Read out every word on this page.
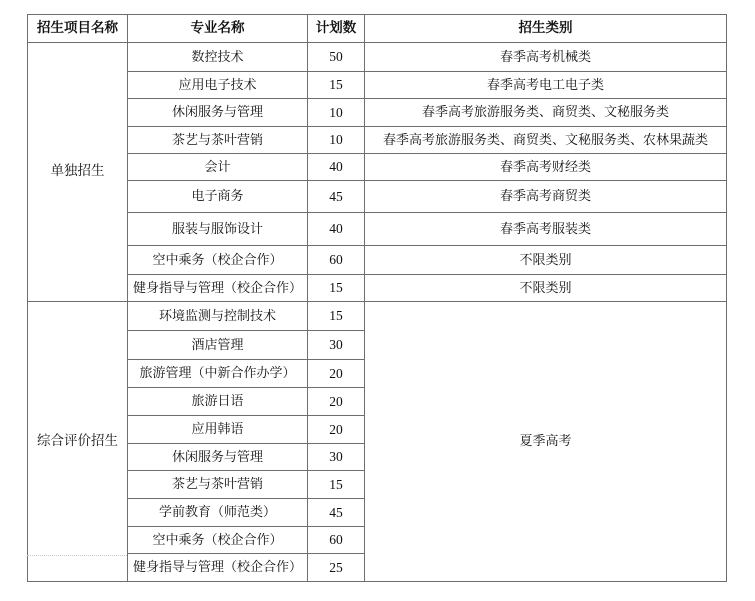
招生项目名称	专业名称	计划数	招生类别
单独招生	数控技术	50	春季高考机械类
	应用电子技术	15	春季高考电工电子类
	休闲服务与管理	10	春季高考旅游服务类、商贸类、文秘服务类
	茶艺与茶叶营销	10	春季高考旅游服务类、商贸类、文秘服务类、农林果蔬类
	会计	40	春季高考财经类
	电子商务	45	春季高考商贸类
	服装与服饰设计	40	春季高考服装类
	空中乘务（校企合作）	60	不限类别
	健身指导与管理（校企合作）	15	不限类别
综合评价招生	环境监测与控制技术	15	夏季高考
	酒店管理	30	
	旅游管理（中新合作办学）	20	
	旅游日语	20	
	应用韩语	20	
	休闲服务与管理	30	
	茶艺与茶叶营销	15	
	学前教育（师范类）	45	
	空中乘务（校企合作）	60	
	健身指导与管理（校企合作）	25	
